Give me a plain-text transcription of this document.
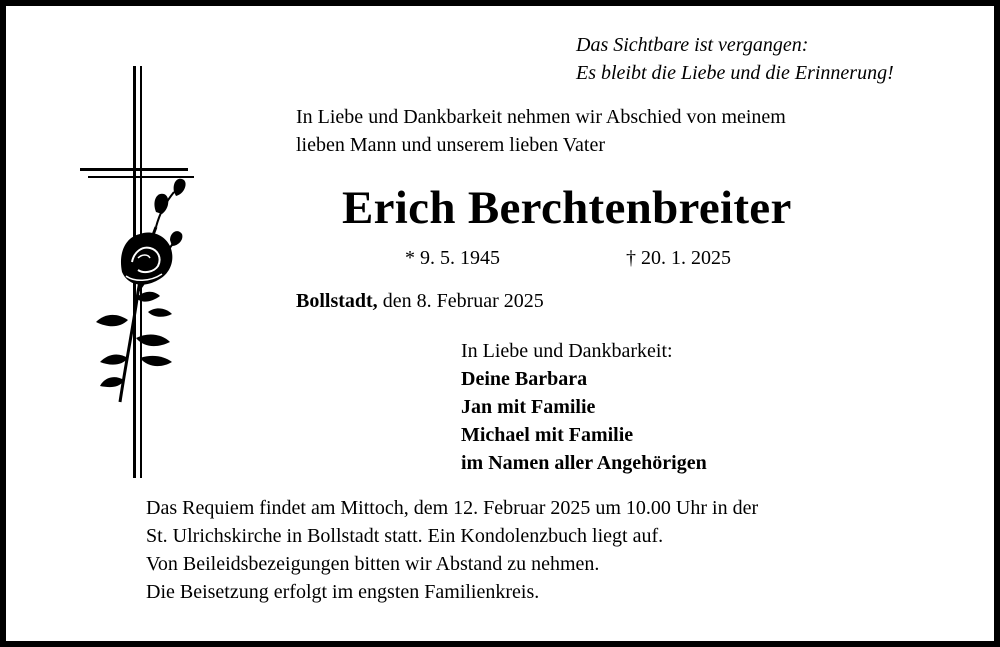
Das Sichtbare ist vergangen:
Es bleibt die Liebe und die Erinnerung!
In Liebe und Dankbarkeit nehmen wir Abschied von meinem
lieben Mann und unserem lieben Vater
Erich Berchtenbreiter
* 9. 5. 1945	† 20. 1. 2025
Bollstadt, den 8. Februar 2025
In Liebe und Dankbarkeit:
Deine Barbara
Jan mit Familie
Michael mit Familie
im Namen aller Angehörigen
Das Requiem findet am Mittoch, dem 12. Februar 2025 um 10.00 Uhr in der
St. Ulrichskirche in Bollstadt statt. Ein Kondolenzbuch liegt auf.
Von Beileidsbezeigungen bitten wir Abstand zu nehmen.
Die Beisetzung erfolgt im engsten Familienkreis.
